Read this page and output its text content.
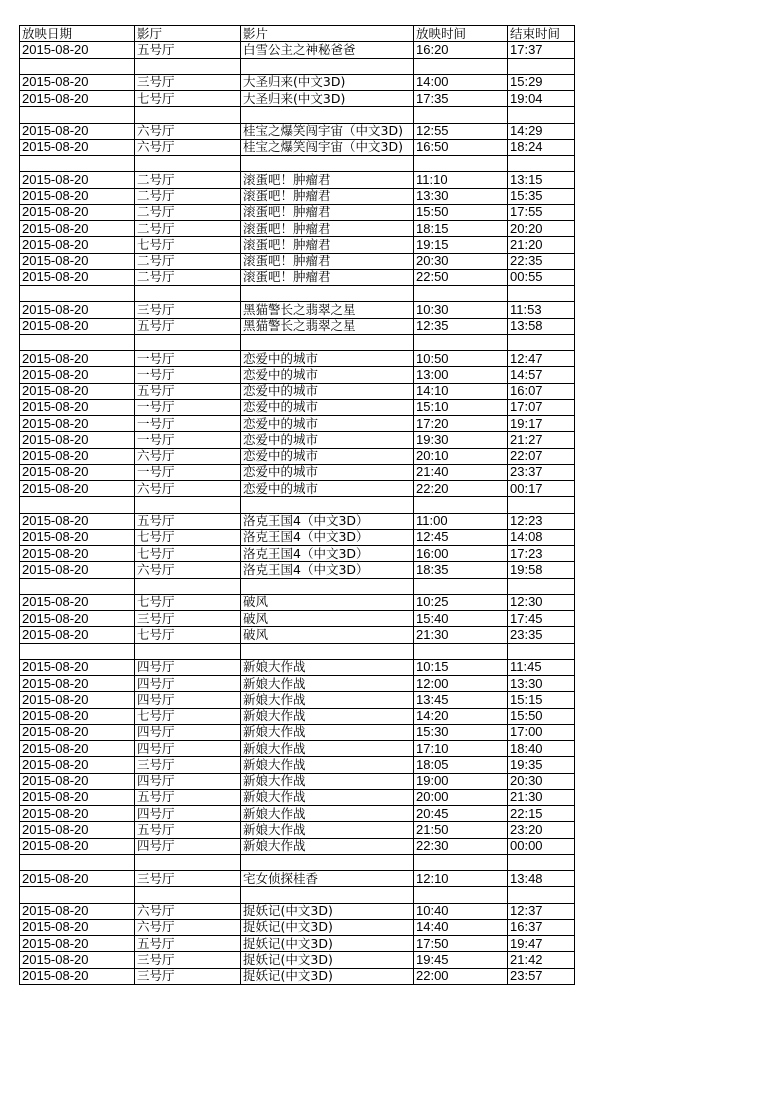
放映日期	影厅	影片	放映时间	结束时间
2015-08-20	五号厅	白雪公主之神秘爸爸	16:20	17:37

2015-08-20	三号厅	大圣归来(中文3D)	14:00	15:29
2015-08-20	七号厅	大圣归来(中文3D)	17:35	19:04

2015-08-20	六号厅	桂宝之爆笑闯宇宙（中文3D)	12:55	14:29
2015-08-20	六号厅	桂宝之爆笑闯宇宙（中文3D)	16:50	18:24

2015-08-20	二号厅	滚蛋吧！肿瘤君	11:10	13:15
2015-08-20	二号厅	滚蛋吧！肿瘤君	13:30	15:35
2015-08-20	二号厅	滚蛋吧！肿瘤君	15:50	17:55
2015-08-20	二号厅	滚蛋吧！肿瘤君	18:15	20:20
2015-08-20	七号厅	滚蛋吧！肿瘤君	19:15	21:20
2015-08-20	二号厅	滚蛋吧！肿瘤君	20:30	22:35
2015-08-20	二号厅	滚蛋吧！肿瘤君	22:50	00:55

2015-08-20	三号厅	黑猫警长之翡翠之星	10:30	11:53
2015-08-20	五号厅	黑猫警长之翡翠之星	12:35	13:58

2015-08-20	一号厅	恋爱中的城市	10:50	12:47
2015-08-20	一号厅	恋爱中的城市	13:00	14:57
2015-08-20	五号厅	恋爱中的城市	14:10	16:07
2015-08-20	一号厅	恋爱中的城市	15:10	17:07
2015-08-20	一号厅	恋爱中的城市	17:20	19:17
2015-08-20	一号厅	恋爱中的城市	19:30	21:27
2015-08-20	六号厅	恋爱中的城市	20:10	22:07
2015-08-20	一号厅	恋爱中的城市	21:40	23:37
2015-08-20	六号厅	恋爱中的城市	22:20	00:17

2015-08-20	五号厅	洛克王国4（中文3D）	11:00	12:23
2015-08-20	七号厅	洛克王国4（中文3D）	12:45	14:08
2015-08-20	七号厅	洛克王国4（中文3D）	16:00	17:23
2015-08-20	六号厅	洛克王国4（中文3D）	18:35	19:58

2015-08-20	七号厅	破风	10:25	12:30
2015-08-20	三号厅	破风	15:40	17:45
2015-08-20	七号厅	破风	21:30	23:35

2015-08-20	四号厅	新娘大作战	10:15	11:45
2015-08-20	四号厅	新娘大作战	12:00	13:30
2015-08-20	四号厅	新娘大作战	13:45	15:15
2015-08-20	七号厅	新娘大作战	14:20	15:50
2015-08-20	四号厅	新娘大作战	15:30	17:00
2015-08-20	四号厅	新娘大作战	17:10	18:40
2015-08-20	三号厅	新娘大作战	18:05	19:35
2015-08-20	四号厅	新娘大作战	19:00	20:30
2015-08-20	五号厅	新娘大作战	20:00	21:30
2015-08-20	四号厅	新娘大作战	20:45	22:15
2015-08-20	五号厅	新娘大作战	21:50	23:20
2015-08-20	四号厅	新娘大作战	22:30	00:00

2015-08-20	三号厅	宅女侦探桂香	12:10	13:48

2015-08-20	六号厅	捉妖记(中文3D)	10:40	12:37
2015-08-20	六号厅	捉妖记(中文3D)	14:40	16:37
2015-08-20	五号厅	捉妖记(中文3D)	17:50	19:47
2015-08-20	三号厅	捉妖记(中文3D)	19:45	21:42
2015-08-20	三号厅	捉妖记(中文3D)	22:00	23:57
